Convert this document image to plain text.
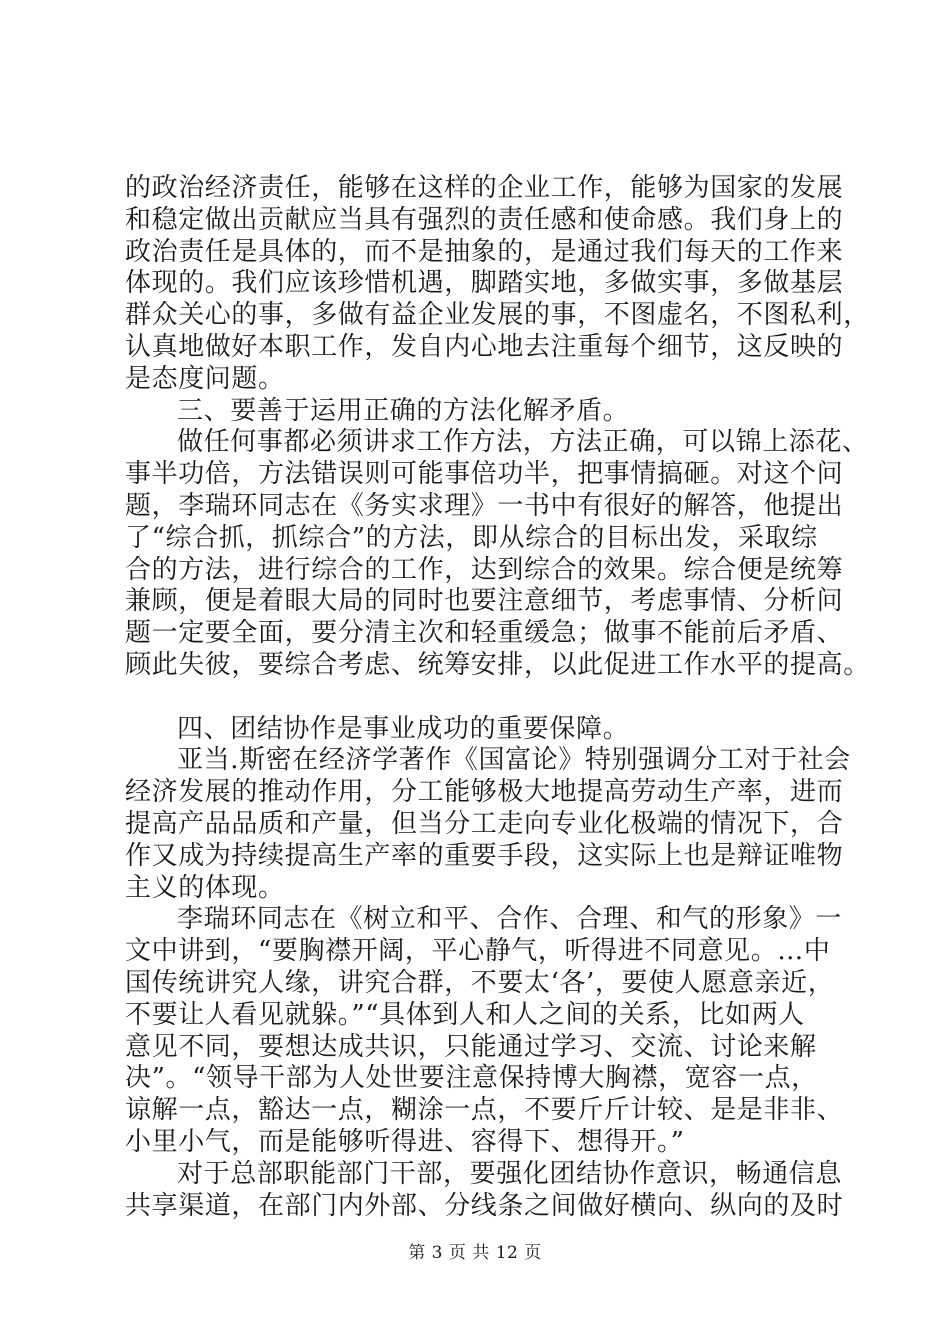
的政治经济责任，能够在这样的企业工作，能够为国家的发展
和稳定做出贡献应当具有强烈的责任感和使命感。我们身上的
政治责任是具体的，而不是抽象的，是通过我们每天的工作来
体现的。我们应该珍惜机遇，脚踏实地，多做实事，多做基层
群众关心的事，多做有益企业发展的事，不图虚名，不图私利，
认真地做好本职工作，发自内心地去注重每个细节，这反映的
是态度问题。
三、要善于运用正确的方法化解矛盾。
做任何事都必须讲求工作方法，方法正确，可以锦上添花、
事半功倍，方法错误则可能事倍功半，把事情搞砸。对这个问
题，李瑞环同志在《务实求理》一书中有很好的解答，他提出
了“综合抓，抓综合”的方法，即从综合的目标出发，采取综
合的方法，进行综合的工作，达到综合的效果。综合便是统筹
兼顾，便是着眼大局的同时也要注意细节，考虑事情、分析问
题一定要全面，要分清主次和轻重缓急；做事不能前后矛盾、
顾此失彼，要综合考虑、统筹安排，以此促进工作水平的提高。
四、团结协作是事业成功的重要保障。
亚当.斯密在经济学著作《国富论》特别强调分工对于社会
经济发展的推动作用，分工能够极大地提高劳动生产率，进而
提高产品品质和产量，但当分工走向专业化极端的情况下，合
作又成为持续提高生产率的重要手段，这实际上也是辩证唯物
主义的体现。
李瑞环同志在《树立和平、合作、合理、和气的形象》一
文中讲到，“要胸襟开阔，平心静气，听得进不同意见。…中
国传统讲究人缘，讲究合群，不要太‘各’，要使人愿意亲近，
不要让人看见就躲。”“具体到人和人之间的关系，比如两人
意见不同，要想达成共识，只能通过学习、交流、讨论来解
决”。“领导干部为人处世要注意保持博大胸襟，宽容一点，
谅解一点，豁达一点，糊涂一点，不要斤斤计较、是是非非、
小里小气，而是能够听得进、容得下、想得开。”
对于总部职能部门干部，要强化团结协作意识，畅通信息
共享渠道，在部门内外部、分线条之间做好横向、纵向的及时
第 3 页 共 12 页
